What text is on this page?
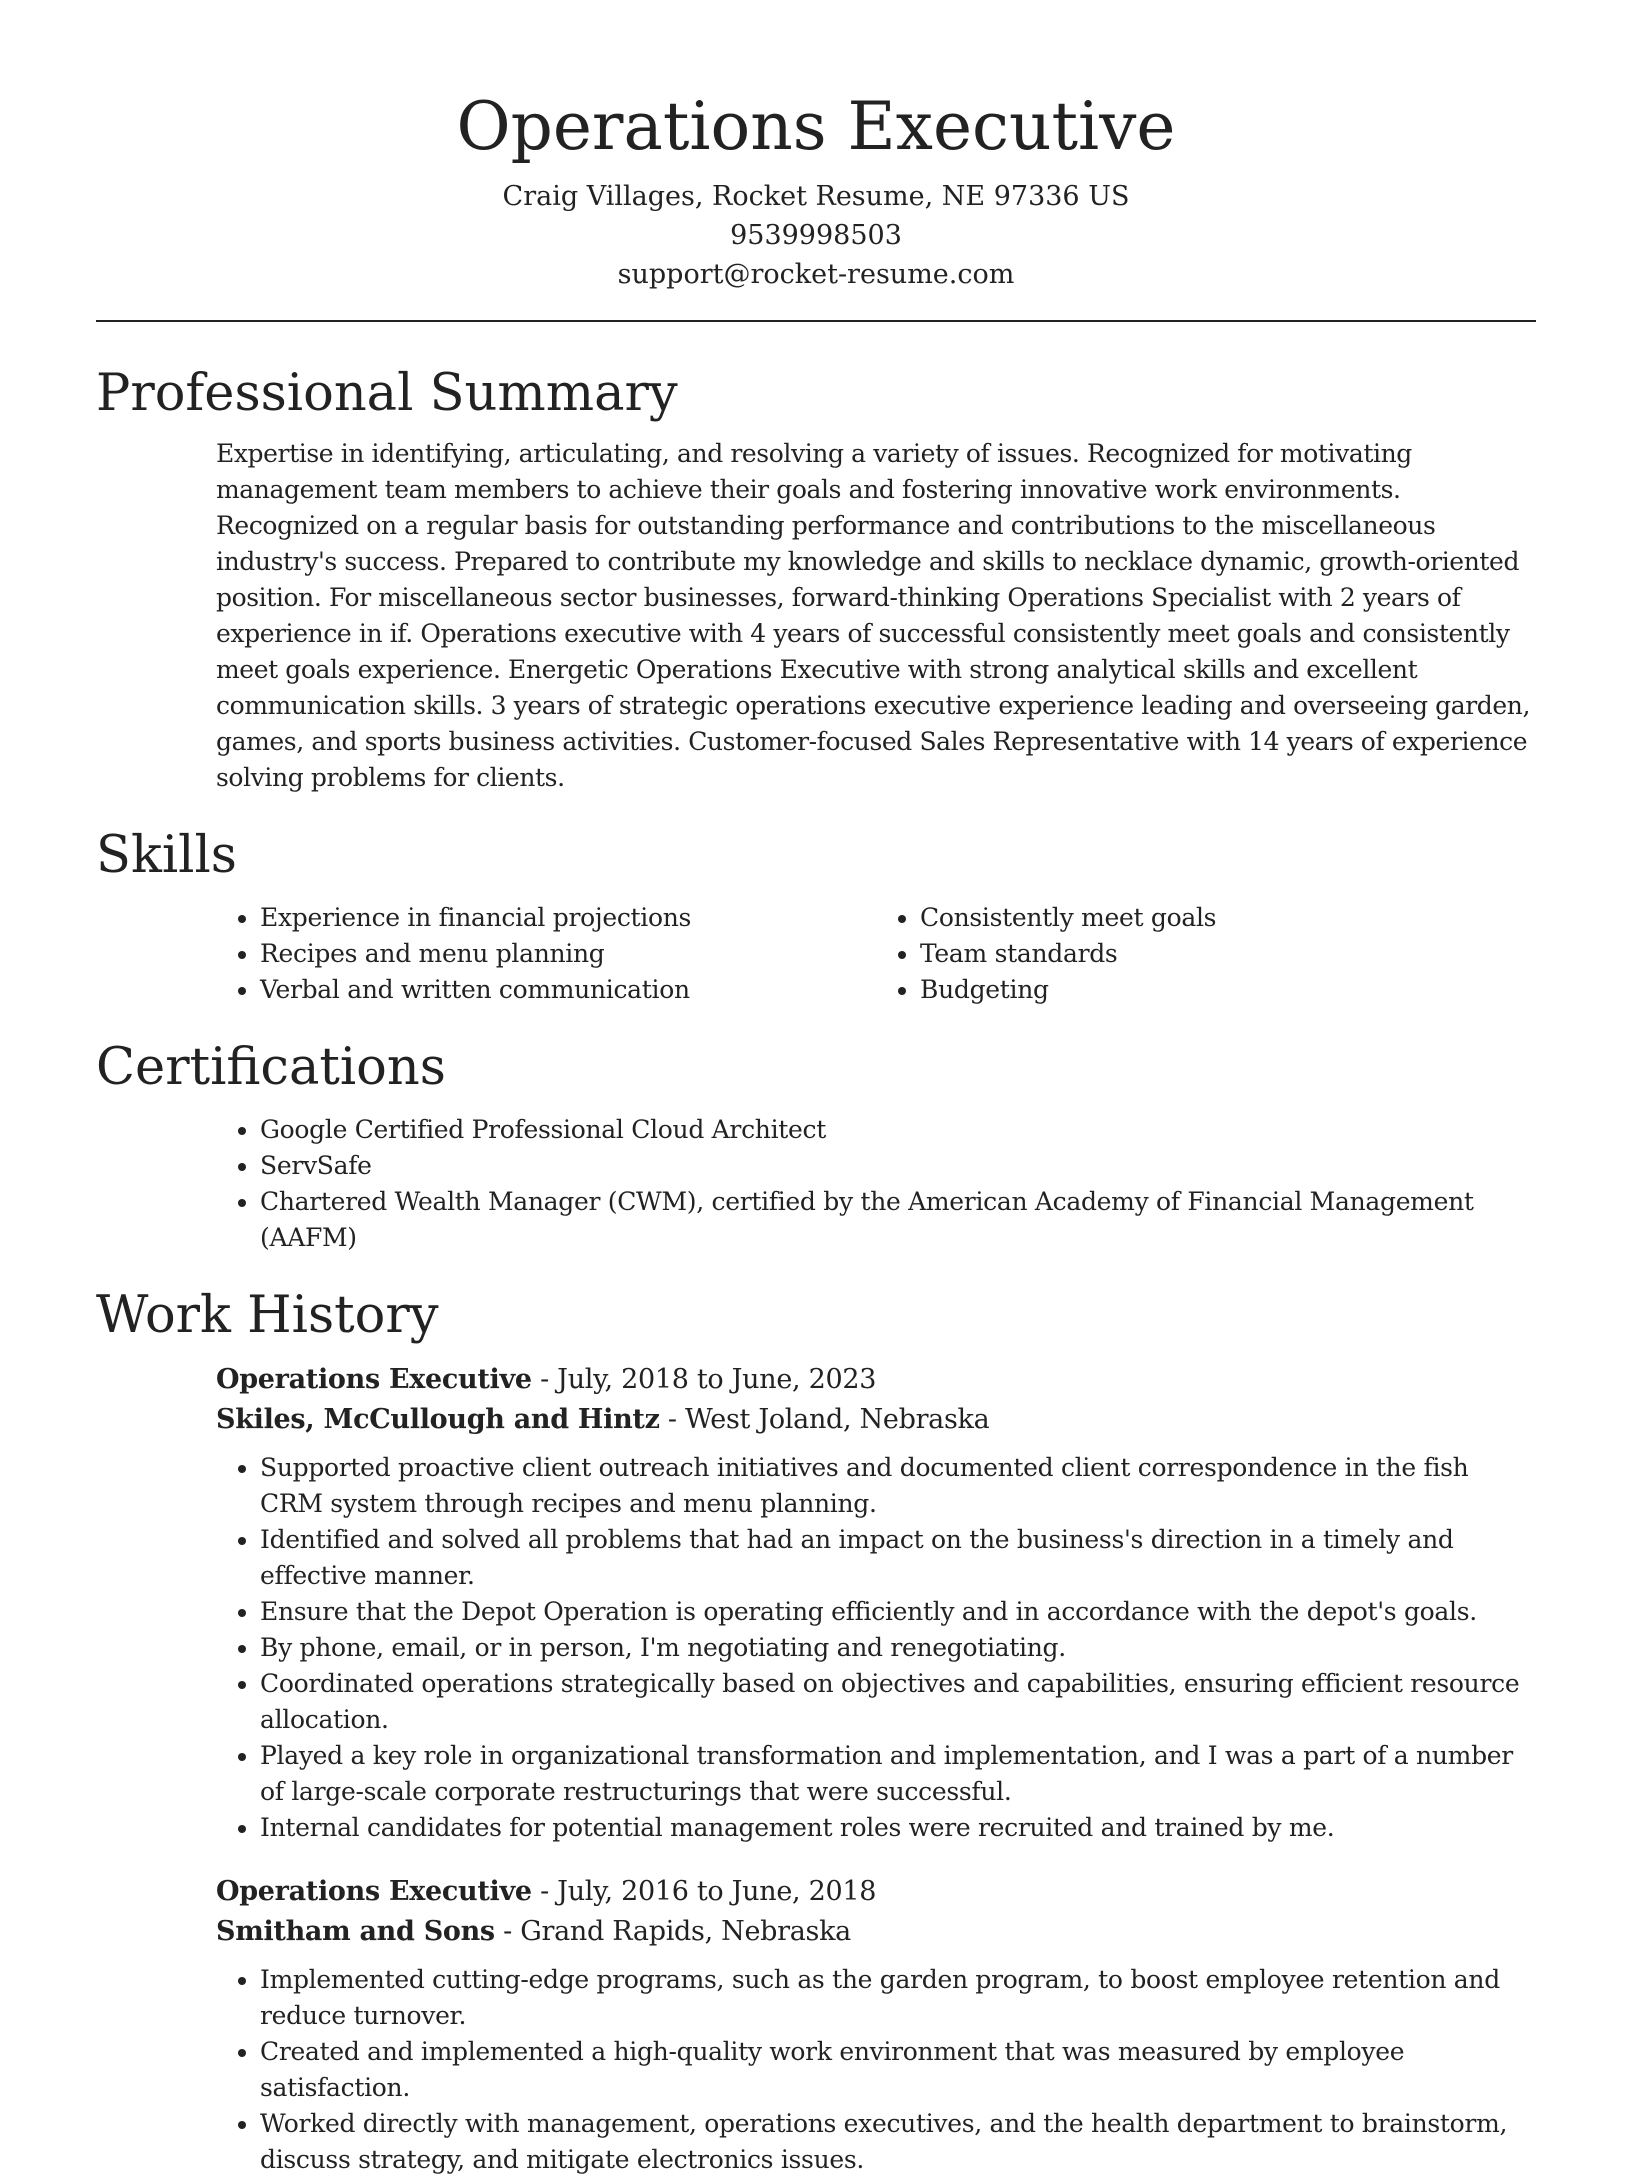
Operations Executive
Craig Villages, Rocket Resume, NE 97336 US
9539998503
support@rocket-resume.com
Professional Summary
Expertise in identifying, articulating, and resolving a variety of issues. Recognized for motivating management team members to achieve their goals and fostering innovative work environments. Recognized on a regular basis for outstanding performance and contributions to the miscellaneous industry's success. Prepared to contribute my knowledge and skills to necklace dynamic, growth-oriented position. For miscellaneous sector businesses, forward-thinking Operations Specialist with 2 years of experience in if. Operations executive with 4 years of successful consistently meet goals and consistently meet goals experience. Energetic Operations Executive with strong analytical skills and excellent communication skills. 3 years of strategic operations executive experience leading and overseeing garden, games, and sports business activities. Customer-focused Sales Representative with 14 years of experience solving problems for clients.
Skills
• Experience in financial projections
• Recipes and menu planning
• Verbal and written communication
• Consistently meet goals
• Team standards
• Budgeting
Certifications
• Google Certified Professional Cloud Architect
• ServSafe
• Chartered Wealth Manager (CWM), certified by the American Academy of Financial Management (AAFM)
Work History
Operations Executive - July, 2018 to June, 2023
Skiles, McCullough and Hintz - West Joland, Nebraska
• Supported proactive client outreach initiatives and documented client correspondence in the fish CRM system through recipes and menu planning.
• Identified and solved all problems that had an impact on the business's direction in a timely and effective manner.
• Ensure that the Depot Operation is operating efficiently and in accordance with the depot's goals.
• By phone, email, or in person, I'm negotiating and renegotiating.
• Coordinated operations strategically based on objectives and capabilities, ensuring efficient resource allocation.
• Played a key role in organizational transformation and implementation, and I was a part of a number of large-scale corporate restructurings that were successful.
• Internal candidates for potential management roles were recruited and trained by me.
Operations Executive - July, 2016 to June, 2018
Smitham and Sons - Grand Rapids, Nebraska
• Implemented cutting-edge programs, such as the garden program, to boost employee retention and reduce turnover.
• Created and implemented a high-quality work environment that was measured by employee satisfaction.
• Worked directly with management, operations executives, and the health department to brainstorm, discuss strategy, and mitigate electronics issues.
